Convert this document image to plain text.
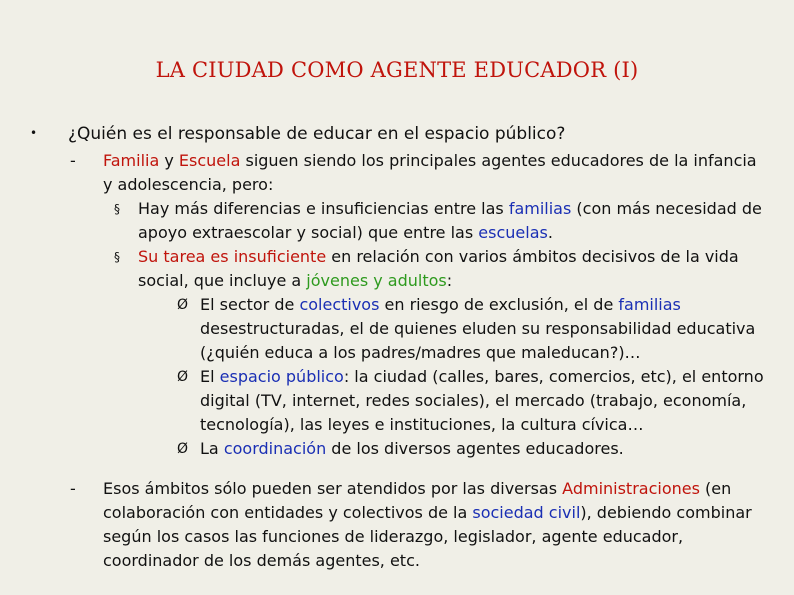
LA CIUDAD COMO AGENTE EDUCADOR (I)
• ¿Quién es el responsable de educar en el espacio público?
- Familia y Escuela siguen siendo los principales agentes educadores de la infancia y adolescencia, pero:
§ Hay más diferencias e insuficiencias entre las familias (con más necesidad de apoyo extraescolar y social) que entre las escuelas.
§ Su tarea es insuficiente en relación con varios ámbitos decisivos de la vida social, que incluye a jóvenes y adultos:
Ø El sector de colectivos en riesgo de exclusión, el de familias desestructuradas, el de quienes eluden su responsabilidad educativa (¿quién educa a los padres/madres que maleducan?)…
Ø El espacio público: la ciudad (calles, bares, comercios, etc), el entorno digital (TV, internet, redes sociales), el mercado (trabajo, economía, tecnología), las leyes e instituciones, la cultura cívica…
Ø La coordinación de los diversos agentes educadores.
- Esos ámbitos sólo pueden ser atendidos por las diversas Administraciones (en colaboración con entidades y colectivos de la sociedad civil), debiendo combinar según los casos las funciones de liderazgo, legislador, agente educador, coordinador de los demás agentes, etc.
